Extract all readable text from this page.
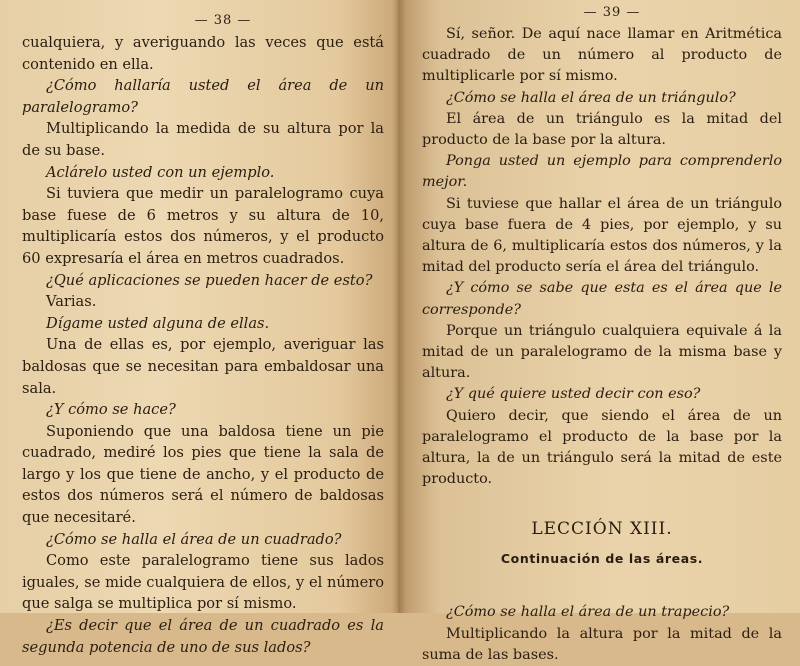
— 38 —

cualquiera, y averiguando las veces que está contenido en ella.

¿Cómo hallaría usted el área de un paralelogramo?

Multiplicando la medida de su altura por la de su base.

Aclárelo usted con un ejemplo.

Si tuviera que medir un paralelogramo cuya base fuese de 6 metros y su altura de 10, multiplicaría estos dos números, y el producto 60 expresaría el área en metros cuadrados.

¿Qué aplicaciones se pueden hacer de esto?

Varias.

Dígame usted alguna de ellas.

Una de ellas es, por ejemplo, averiguar las baldosas que se necesitan para embaldosar una sala.

¿Y cómo se hace?

Suponiendo que una baldosa tiene un pie cuadrado, mediré los pies que tiene la sala de largo y los que tiene de ancho, y el producto de estos dos números será el número de baldosas que necesitaré.

¿Cómo se halla el área de un cuadrado?

Como este paralelogramo tiene sus lados iguales, se mide cualquiera de ellos, y el número que salga se multiplica por sí mismo.

¿Es decir que el área de un cuadrado es la segunda potencia de uno de sus lados?

— 39 —

Sí, señor. De aquí nace llamar en Aritmética cuadrado de un número al producto de multiplicarle por sí mismo.

¿Cómo se halla el área de un triángulo?

El área de un triángulo es la mitad del producto de la base por la altura.

Ponga usted un ejemplo para comprenderlo mejor.

Si tuviese que hallar el área de un triángulo cuya base fuera de 4 pies, por ejemplo, y su altura de 6, multiplicaría estos dos números, y la mitad del producto sería el área del triángulo.

¿Y cómo se sabe que esta es el área que le corresponde?

Porque un triángulo cualquiera equivale á la mitad de un paralelogramo de la misma base y altura.

¿Y qué quiere usted decir con eso?

Quiero decir, que siendo el área de un paralelogramo el producto de la base por la altura, la de un triángulo será la mitad de este producto.

LECCIÓN XIII.
Continuación de las áreas.

¿Cómo se halla el área de un trapecio?

Multiplicando la altura por la mitad de la suma de las bases.
